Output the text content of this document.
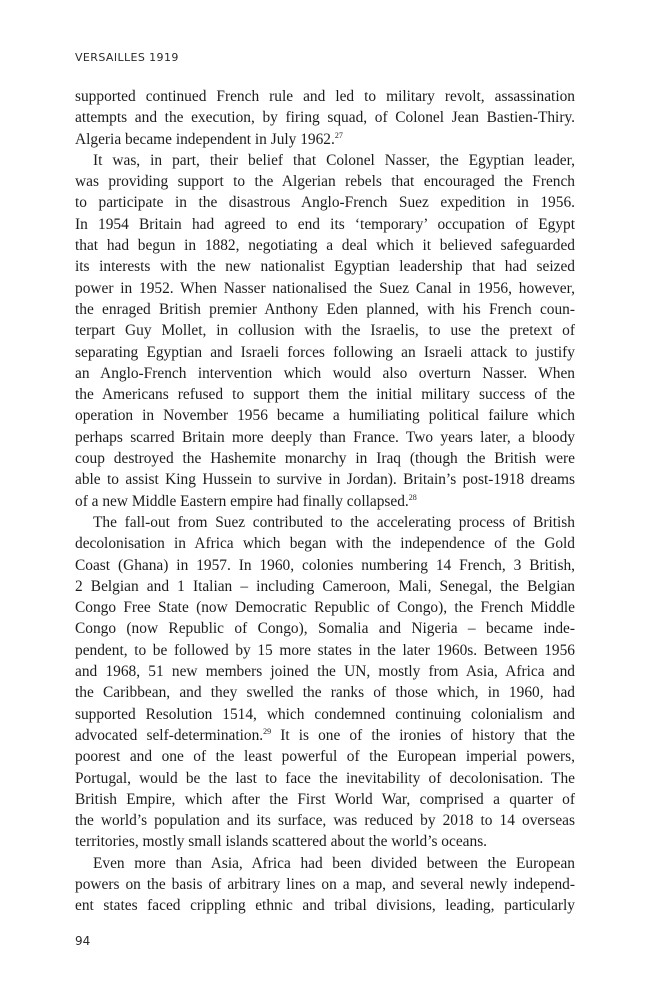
VERSAILLES 1919
supported continued French rule and led to military revolt, assassination
attempts and the execution, by firing squad, of Colonel Jean Bastien-Thiry.
Algeria became independent in July 1962.27
It was, in part, their belief that Colonel Nasser, the Egyptian leader,
was providing support to the Algerian rebels that encouraged the French
to participate in the disastrous Anglo-French Suez expedition in 1956.
In 1954 Britain had agreed to end its ‘temporary’ occupation of Egypt
that had begun in 1882, negotiating a deal which it believed safeguarded
its interests with the new nationalist Egyptian leadership that had seized
power in 1952. When Nasser nationalised the Suez Canal in 1956, however,
the enraged British premier Anthony Eden planned, with his French coun-
terpart Guy Mollet, in collusion with the Israelis, to use the pretext of
separating Egyptian and Israeli forces following an Israeli attack to justify
an Anglo-French intervention which would also overturn Nasser. When
the Americans refused to support them the initial military success of the
operation in November 1956 became a humiliating political failure which
perhaps scarred Britain more deeply than France. Two years later, a bloody
coup destroyed the Hashemite monarchy in Iraq (though the British were
able to assist King Hussein to survive in Jordan). Britain’s post-1918 dreams
of a new Middle Eastern empire had finally collapsed.$^{28}$
The fall-out from Suez contributed to the accelerating process of British
decolonisation in Africa which began with the independence of the Gold
Coast (Ghana) in 1957. In 1960, colonies numbering 14 French, 3 British,
2 Belgian and 1 Italian – including Cameroon, Mali, Senegal, the Belgian
Congo Free State (now Democratic Republic of Congo), the French Middle
Congo (now Republic of Congo), Somalia and Nigeria – became inde-
pendent, to be followed by 15 more states in the later 1960s. Between 1956
and 1968, 51 new members joined the UN, mostly from Asia, Africa and
the Caribbean, and they swelled the ranks of those which, in 1960, had
supported Resolution 1514, which condemned continuing colonialism and
advocated self-determination.$^{29}$ It is one of the ironies of history that the
poorest and one of the least powerful of the European imperial powers,
Portugal, would be the last to face the inevitability of decolonisation. The
British Empire, which after the First World War, comprised a quarter of
the world’s population and its surface, was reduced by 2018 to 14 overseas
territories, mostly small islands scattered about the world’s oceans.
Even more than Asia, Africa had been divided between the European
powers on the basis of arbitrary lines on a map, and several newly independ-
ent states faced crippling ethnic and tribal divisions, leading, particularly
94
